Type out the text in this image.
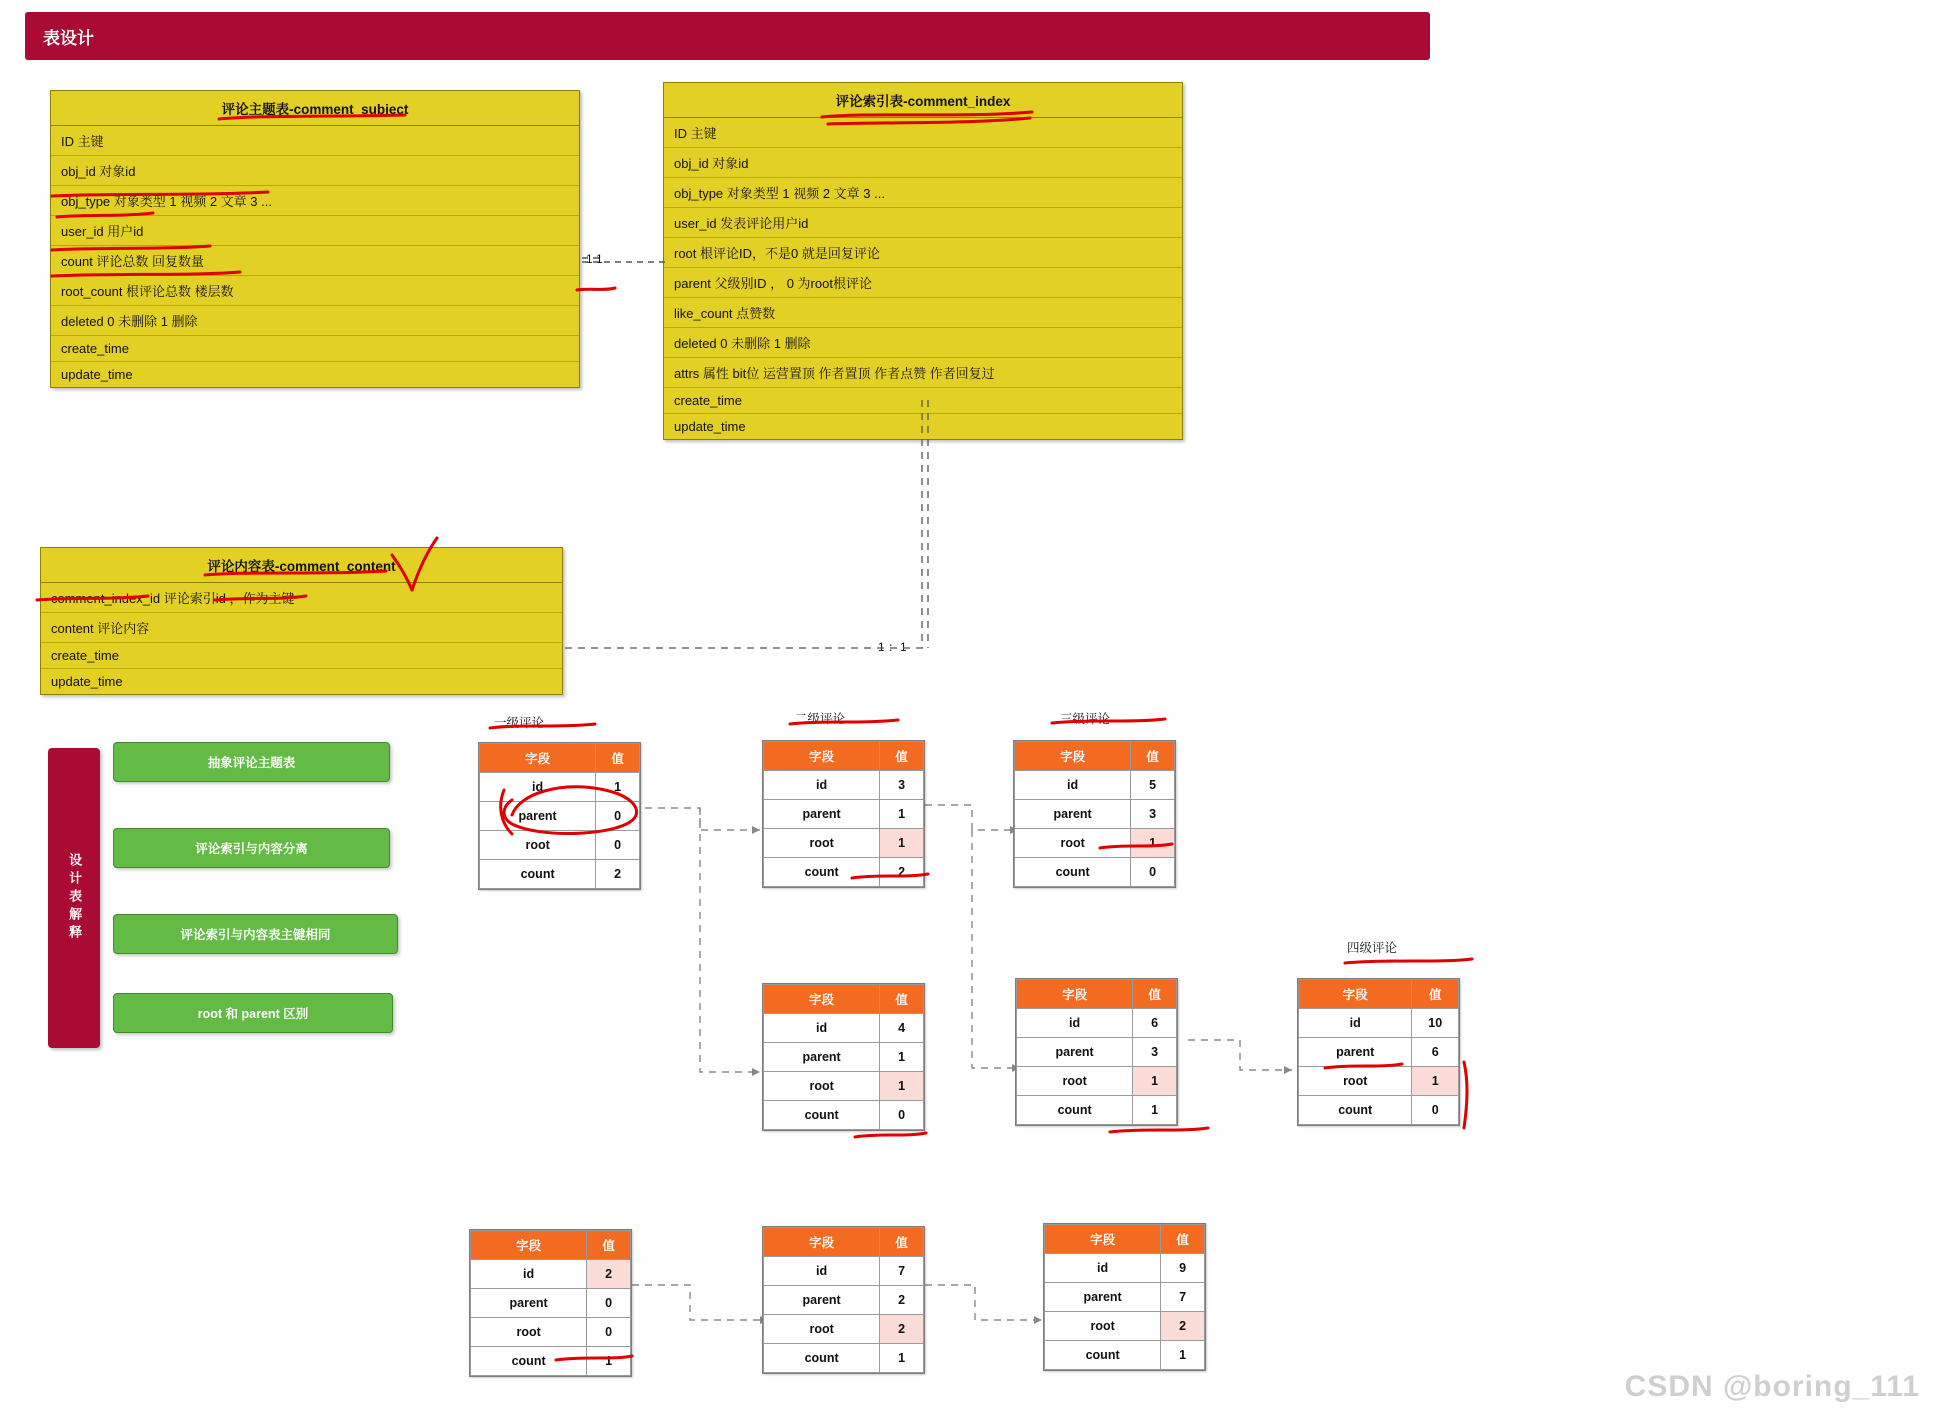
表设计
评论主题表-comment_subject
ID 主键
obj_id 对象id
obj_type 对象类型 1 视频 2 文章 3 ...
user_id 用户id
count 评论总数 回复数量
root_count 根评论总数 楼层数
deleted 0 未删除 1 删除
create_time
update_time
评论索引表-comment_index
ID 主键
obj_id 对象id
obj_type 对象类型 1 视频 2 文章 3 ...
user_id 发表评论用户id
root 根评论ID，不是0 就是回复评论
parent 父级别ID ， 0 为root根评论
like_count 点赞数
deleted 0 未删除 1 删除
attrs 属性 bit位 运营置顶 作者置顶 作者点赞 作者回复过
create_time
update_time
评论内容表-comment_content
comment_index_id 评论索引id ，作为主键
content 评论内容
create_time
update_time
1 1
1 ：1
设计表解释
抽象评论主题表
评论索引与内容分离
评论索引与内容表主键相同
root 和 parent 区别
一级评论	二级评论	三级评论
四级评论
字段	值
id	1
parent	0
root	0
count	2
字段	值
id	3
parent	1
root	1
count	2
字段	值
id	5
parent	3
root	1
count	0
字段	值
id	4
parent	1
root	1
count	0
字段	值
id	6
parent	3
root	1
count	1
字段	值
id	10
parent	6
root	1
count	0
字段	值
id	2
parent	0
root	0
count	1
字段	值
id	7
parent	2
root	2
count	1
字段	值
id	9
parent	7
root	2
count	1
CSDN @boring_111
